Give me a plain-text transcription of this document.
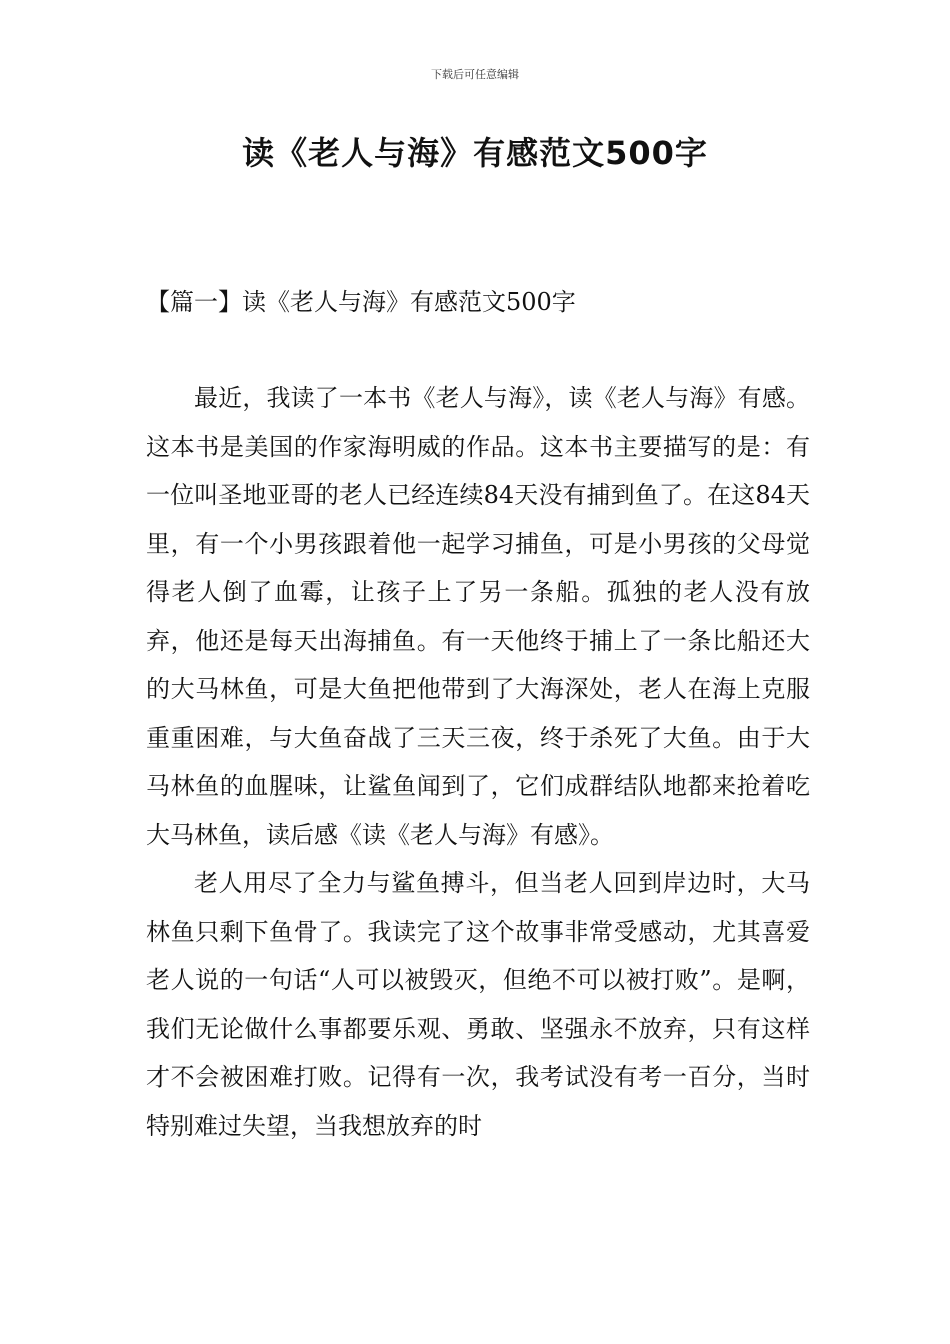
下载后可任意编辑
读《老人与海》有感范文500字
【篇一】读《老人与海》有感范文500字

最近，我读了一本书《老人与海》，读《老人与海》有感。这本书是美国的作家海明威的作品。这本书主要描写的是：有一位叫圣地亚哥的老人已经连续84天没有捕到鱼了。在这84天里，有一个小男孩跟着他一起学习捕鱼，可是小男孩的父母觉得老人倒了血霉，让孩子上了另一条船。孤独的老人没有放弃，他还是每天出海捕鱼。有一天他终于捕上了一条比船还大的大马林鱼，可是大鱼把他带到了大海深处，老人在海上克服重重困难，与大鱼奋战了三天三夜，终于杀死了大鱼。由于大马林鱼的血腥味，让鲨鱼闻到了，它们成群结队地都来抢着吃大马林鱼，读后感《读《老人与海》有感》。

老人用尽了全力与鲨鱼搏斗，但当老人回到岸边时，大马林鱼只剩下鱼骨了。我读完了这个故事非常受感动，尤其喜爱老人说的一句话“人可以被毁灭，但绝不可以被打败”。是啊，我们无论做什么事都要乐观、勇敢、坚强永不放弃，只有这样才不会被困难打败。记得有一次，我考试没有考一百分，当时特别难过失望，当我想放弃的时
